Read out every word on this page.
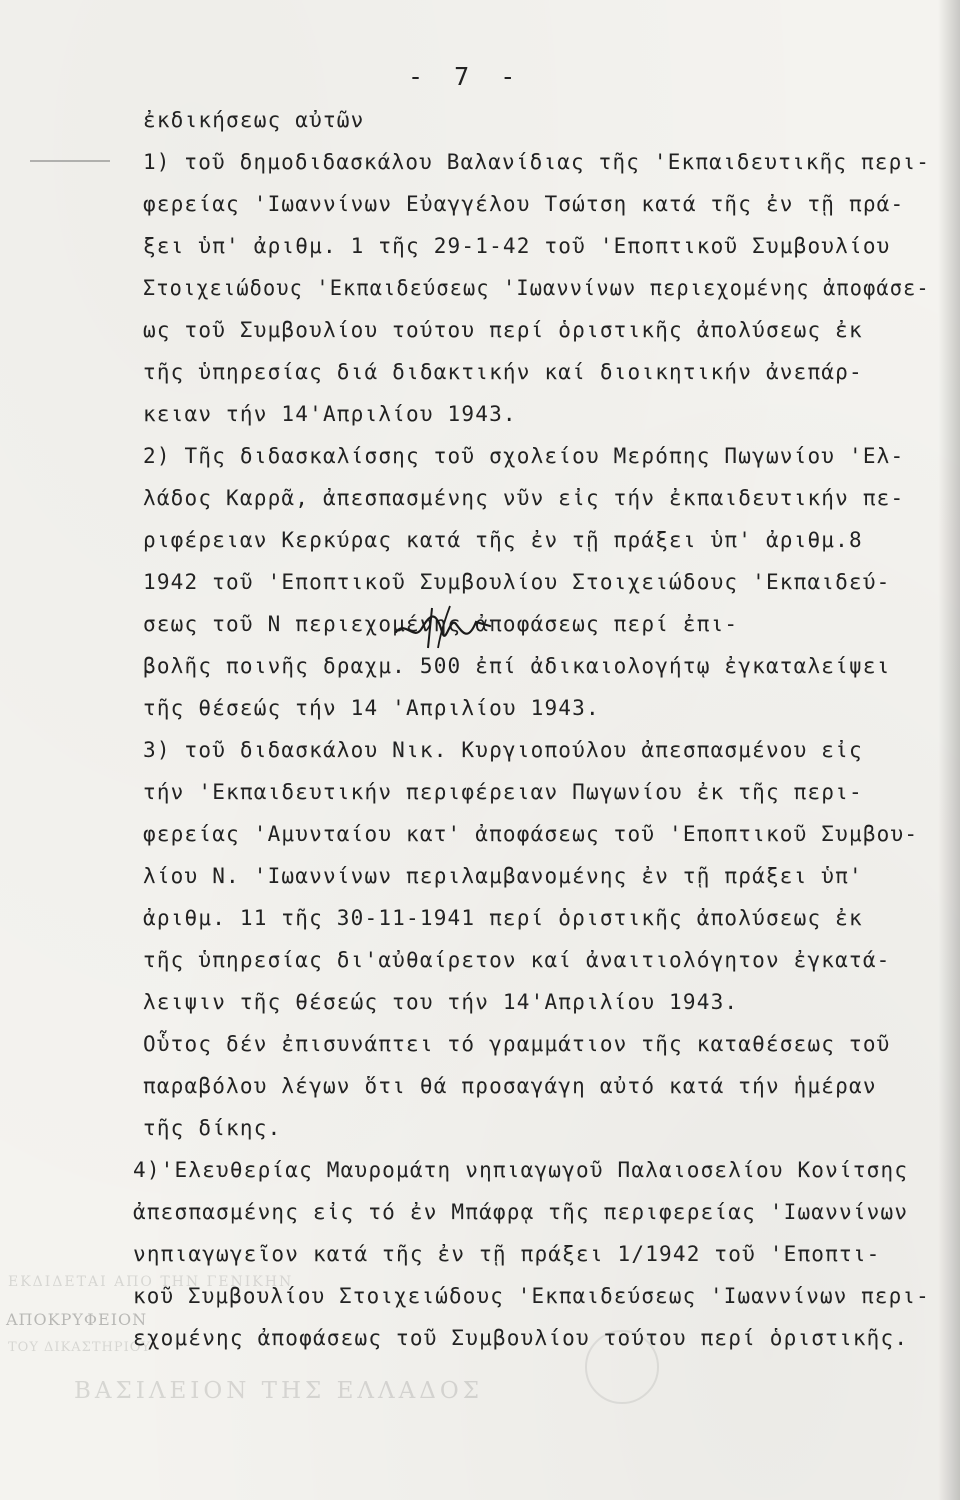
- 7 -
ἐκδικήσεως αὐτῶν
1) τοῦ δημοδιδασκάλου Βαλανίδιας τῆς 'Εκπαιδευτικῆς περι-
φερείας 'Ιωαννίνων Εὐαγγέλου Τσώτση κατά τῆς ἐν τῇ πρά-
ξει ὑπ' ἀριθμ. 1 τῆς 29-1-42 τοῦ 'Εποπτικοῦ Συμβουλίου
Στοιχειώδους 'Εκπαιδεύσεως 'Ιωαννίνων περιεχομένης ἀποφάσε-
ως τοῦ Συμβουλίου τούτου περί ὁριστικῆς ἀπολύσεως ἐκ
τῆς ὑπηρεσίας διά διδακτικήν καί διοικητικήν ἀνεπάρ-
κειαν τήν 14'Απριλίου 1943.
2) Τῆς διδασκαλίσσης τοῦ σχολείου Μερόπης Πωγωνίου 'Ελ-
λάδος Καρρᾶ, ἀπεσπασμένης νῦν εἰς τήν ἐκπαιδευτικήν πε-
ριφέρειαν Κερκύρας κατά τῆς ἐν τῇ πράξει ὑπ' ἀριθμ.8
1942 τοῦ 'Εποπτικοῦ Συμβουλίου Στοιχειώδους 'Εκπαιδεύ-
σεως τοῦ Ν περιεχομένης ἀποφάσεως περί ἐπι-
βολῆς ποινῆς δραχμ. 500 ἐπί ἀδικαιολογήτῳ ἐγκαταλείψει
τῆς θέσεώς τήν 14 'Απριλίου 1943.
3) τοῦ διδασκάλου Νικ. Κυργιοπούλου ἀπεσπασμένου εἰς
τήν 'Εκπαιδευτικήν περιφέρειαν Πωγωνίου ἐκ τῆς περι-
φερείας 'Αμυνταίου κατ' ἀποφάσεως τοῦ 'Εποπτικοῦ Συμβου-
λίου Ν. 'Ιωαννίνων περιλαμβανομένης ἐν τῇ πράξει ὑπ'
ἀριθμ. 11 τῆς 30-11-1941 περί ὁριστικῆς ἀπολύσεως ἐκ
τῆς ὑπηρεσίας δι'αὐθαίρετον καί ἀναιτιολόγητον ἐγκατά-
λειψιν τῆς θέσεώς του τήν 14'Απριλίου 1943.
Οὗτος δέν ἐπισυνάπτει τό γραμμάτιον τῆς καταθέσεως τοῦ
παραβόλου λέγων ὅτι θά προσαγάγη αὐτό κατά τήν ἡμέραν
τῆς δίκης.
4)'Ελευθερίας Μαυρομάτη νηπιαγωγοῦ Παλαιοσελίου Κονίτσης
ἀπεσπασμένης εἰς τό ἐν Μπάφρᾳ τῆς περιφερείας 'Ιωαννίνων
νηπιαγωγεῖον κατά τῆς ἐν τῇ πράξει 1/1942 τοῦ 'Εποπτι-
κοῦ Συμβουλίου Στοιχειώδους 'Εκπαιδεύσεως 'Ιωαννίνων περι-
εχομένης ἀποφάσεως τοῦ Συμβουλίου τούτου περί ὁριστικῆς.
ΕΚΔΙΔΕΤΑΙ ΑΠΟ ΤΗΝ ΓΕΝΙΚΗΝ
ΑΠΟΚΡΥΦΕΙΟΝ
ΤΟΥ ΔΙΚΑΣΤΗΡΙΟΥ
ΒΑΣΙΛΕΙΟΝ ΤΗΣ ΕΛΛΑΔΟΣ
